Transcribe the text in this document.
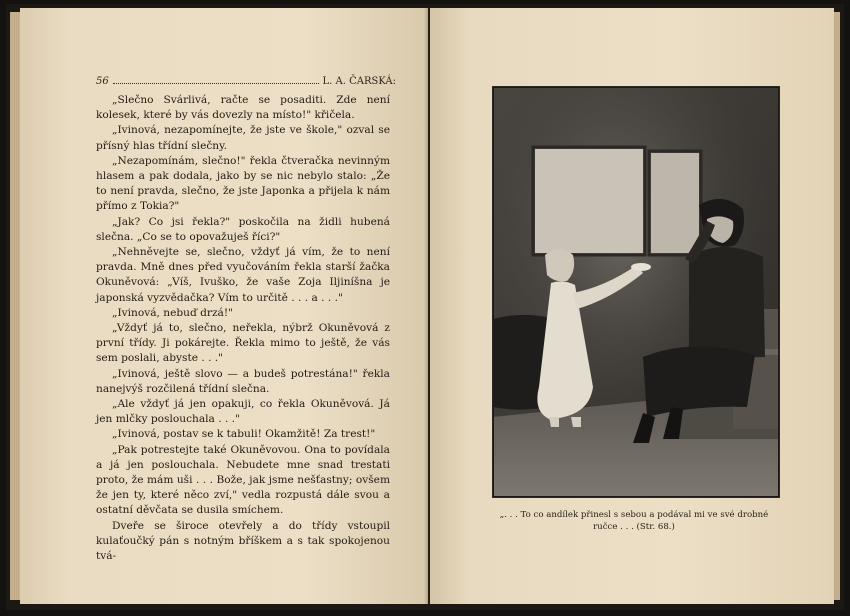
56	L. A. ČARSKÁ:

„Slečno Svárlivá, račte se posaditi. Zde není kolesek, které by vás dovezly na místo!" křičela.

„Ivinová, nezapomínejte, že jste ve škole," ozval se přísný hlas třídní slečny.

„Nezapomínám, slečno!" řekla čtveračka nevinným hlasem a pak dodala, jako by se nic nebylo stalo: „Že to není pravda, slečno, že jste Japonka a přijela k nám přímo z Tokia?"

„Jak? Co jsi řekla?" poskočila na židli hubená slečna. „Co se to opovažuješ říci?"

„Nehněvejte se, slečno, vždyť já vím, že to není pravda. Mně dnes před vyučováním řekla starší žačka Okuněvová: „Víš, Ivuško, že vaše Zoja Iljiníšna je japonská vyzvědačka? Vím to určitě . . . a . . ."

„Ivinová, nebuď drzá!"

„Vždyť já to, slečno, neřekla, nýbrž Okuněvová z první třídy. Ji pokárejte. Řekla mimo to ještě, že vás sem poslali, abyste . . ."

„Ivinová, ještě slovo — a budeš potrestána!" řekla nanejvýš rozčilená třídní slečna.

„Ale vždyť já jen opakuji, co řekla Okuněvová. Já jen mlčky poslouchala . . ."

„Ivinová, postav se k tabuli! Okamžitě! Za trest!"

„Pak potrestejte také Okuněvovou. Ona to povídala a já jen poslouchala. Nebudete mne snad trestati proto, že mám uši . . . Bože, jak jsme nešťastny; ovšem že jen ty, které něco zví," vedla rozpustá dále svou a ostatní děvčata se dusila smíchem.

Dveře se široce otevřely a do třídy vstoupil kulaťoučký pán s notným bříškem a s tak spokojenou tvá-

„. . . To co andílek přinesl s sebou a podával mi ve své drobné ručce . . . (Str. 68.)
